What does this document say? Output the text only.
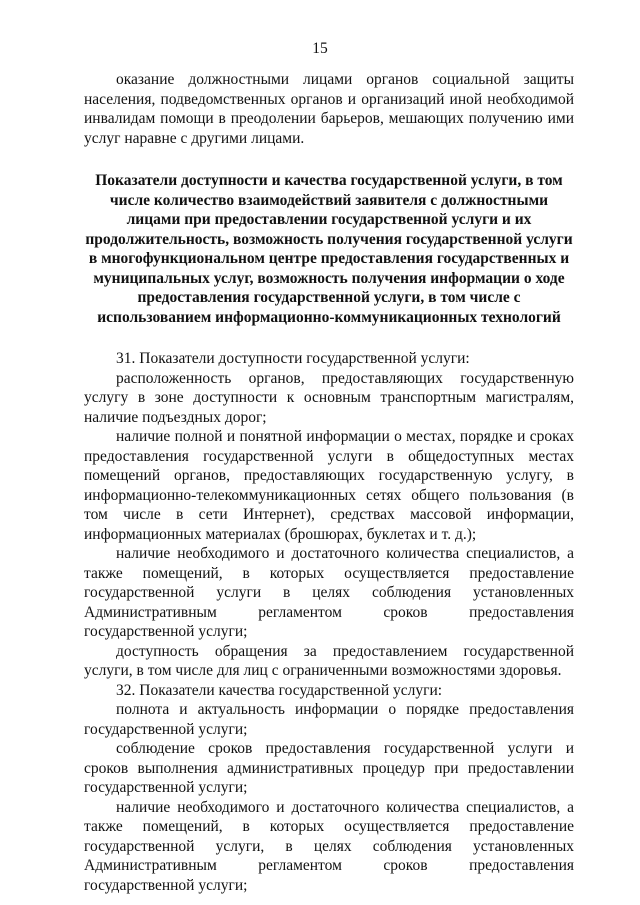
15

оказание должностными лицами органов социальной защиты населения, подведомственных органов и организаций иной необходимой инвалидам помощи в преодолении барьеров, мешающих получению ими услуг наравне с другими лицами.

Показатели доступности и качества государственной услуги, в том числе количество взаимодействий заявителя с должностными лицами при предоставлении государственной услуги и их продолжительность, возможность получения государственной услуги в многофункциональном центре предоставления государственных и муниципальных услуг, возможность получения информации о ходе предоставления государственной услуги, в том числе с использованием информационно-коммуникационных технологий

31. Показатели доступности государственной услуги:

расположенность органов, предоставляющих государственную услугу в зоне доступности к основным транспортным магистралям, наличие подъездных дорог;

наличие полной и понятной информации о местах, порядке и сроках предоставления государственной услуги в общедоступных местах помещений органов, предоставляющих государственную услугу, в информационно-телекоммуникационных сетях общего пользования (в том числе в сети Интернет), средствах массовой информации, информационных материалах (брошюрах, буклетах и т. д.);

наличие необходимого и достаточного количества специалистов, а также помещений, в которых осуществляется предоставление государственной услуги в целях соблюдения установленных Административным регламентом сроков предоставления государственной услуги;

доступность обращения за предоставлением государственной услуги, в том числе для лиц с ограниченными возможностями здоровья.

32. Показатели качества государственной услуги:

полнота и актуальность информации о порядке предоставления государственной услуги;

соблюдение сроков предоставления государственной услуги и сроков выполнения административных процедур при предоставлении государственной услуги;

наличие необходимого и достаточного количества специалистов, а также помещений, в которых осуществляется предоставление государственной услуги, в целях соблюдения установленных Административным регламентом сроков предоставления государственной услуги;
